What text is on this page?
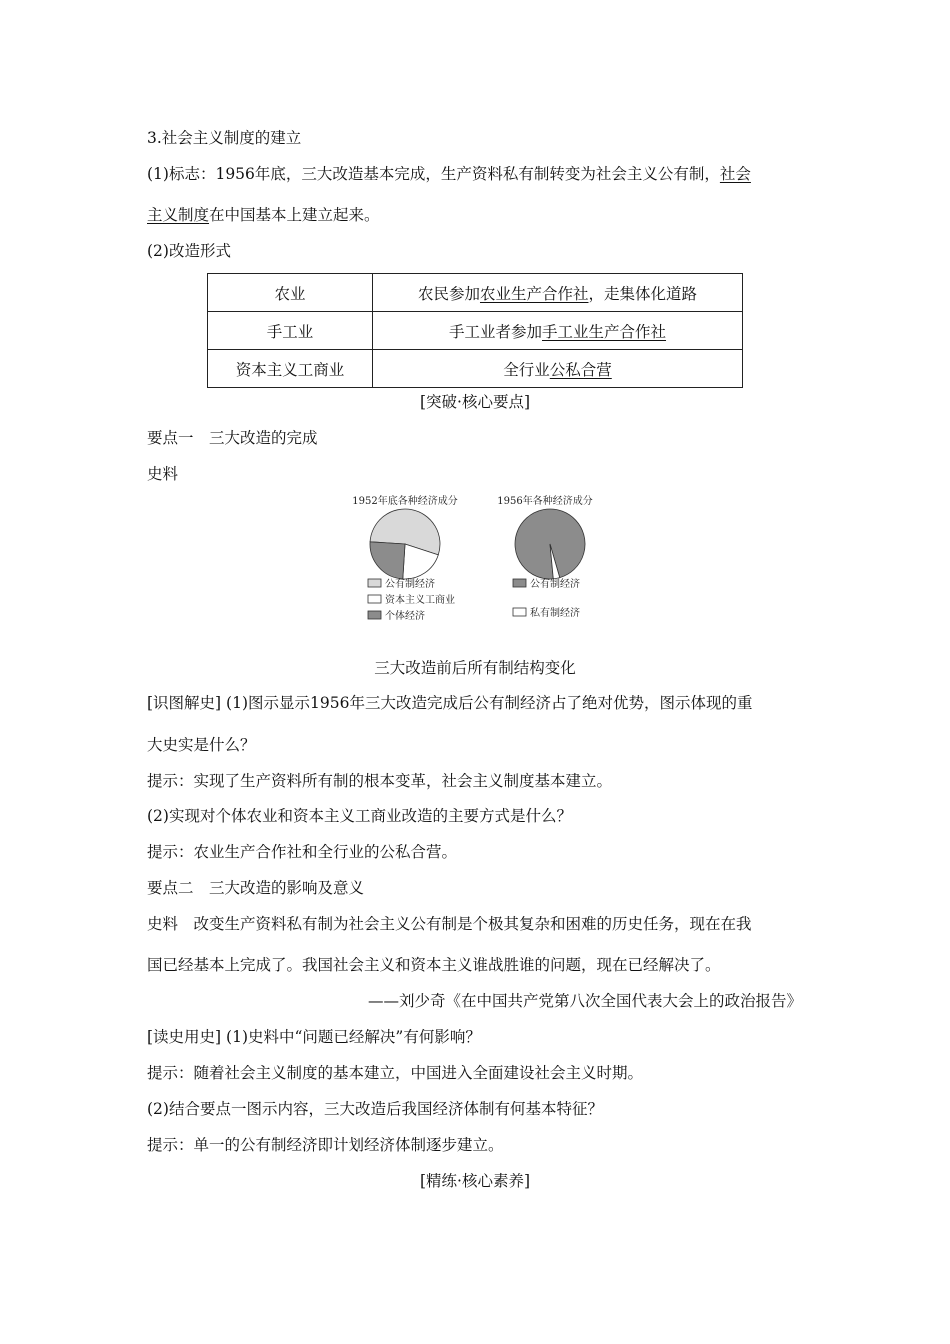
3.社会主义制度的建立
(1)标志：1956年底，三大改造基本完成，生产资料私有制转变为社会主义公有制，社会
主义制度在中国基本上建立起来。
(2)改造形式
农业	农民参加农业生产合作社，走集体化道路
手工业	手工业者参加手工业生产合作社
资本主义工商业	全行业公私合营
[突破·核心要点]
要点一　三大改造的完成
史料
1952年底各种经济成分
公有制经济
资本主义工商业
个体经济
1956年各种经济成分
公有制经济
私有制经济
三大改造前后所有制结构变化
[识图解史] (1)图示显示1956年三大改造完成后公有制经济占了绝对优势，图示体现的重
大史实是什么？
提示：实现了生产资料所有制的根本变革，社会主义制度基本建立。
(2)实现对个体农业和资本主义工商业改造的主要方式是什么？
提示：农业生产合作社和全行业的公私合营。
要点二　三大改造的影响及意义
史料　改变生产资料私有制为社会主义公有制是个极其复杂和困难的历史任务，现在在我
国已经基本上完成了。我国社会主义和资本主义谁战胜谁的问题，现在已经解决了。
——刘少奇《在中国共产党第八次全国代表大会上的政治报告》
[读史用史] (1)史料中“问题已经解决”有何影响？
提示：随着社会主义制度的基本建立，中国进入全面建设社会主义时期。
(2)结合要点一图示内容，三大改造后我国经济体制有何基本特征？
提示：单一的公有制经济即计划经济体制逐步建立。
[精练·核心素养]
